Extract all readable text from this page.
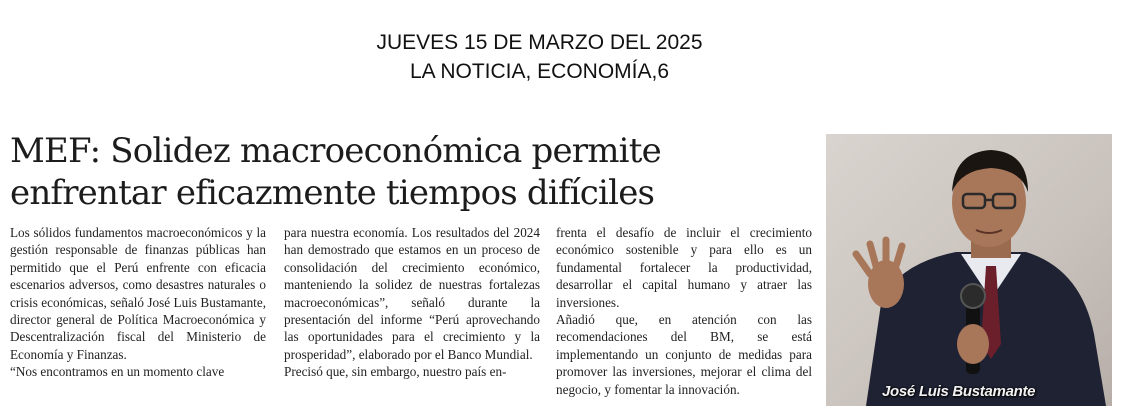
JUEVES 15 DE MARZO DEL 2025
LA NOTICIA, ECONOMÍA,6
MEF: Solidez macroeconómica permite
enfrentar eficazmente tiempos difíciles

Los sólidos fundamentos macroeconómicos y la gestión responsable de finanzas públicas han permitido que el Perú enfrente con eficacia escenarios adversos, como desastres naturales o crisis económicas, señaló José Luis Bustamante, director general de Política Macroeconómica y Descentralización fiscal del Ministerio de Economía y Finanzas.

“Nos encontramos en un momento clave

para nuestra economía. Los resultados del 2024 han demostrado que estamos en un proceso de consolidación del crecimiento económico, manteniendo la solidez de nuestras fortalezas macroeconómicas”, señaló durante la presentación del informe “Perú aprovechando las oportunidades para el crecimiento y la prosperidad”, elaborado por el Banco Mundial.

Precisó que, sin embargo, nuestro país en-

frenta el desafío de incluir el crecimiento económico sostenible y para ello es un fundamental fortalecer la productividad, desarrollar el capital humano y atraer las inversiones.

Añadió que, en atención con las recomendaciones del BM, se está implementando un conjunto de medidas para promover las inversiones, mejorar el clima del negocio, y fomentar la innovación.	José Luis Bustamante
